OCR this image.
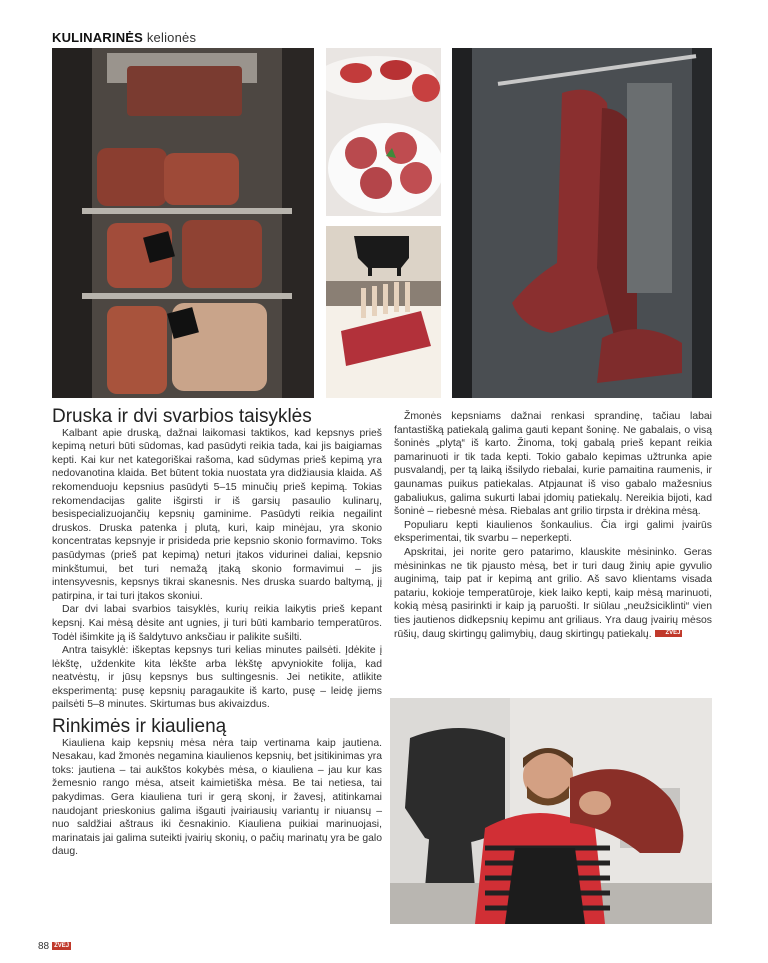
KULINARINĖS kelionės
Druska ir dvi svarbios taisyklės

Kalbant apie druską, dažnai laikomasi taktikos, kad kepsnys prieš kepimą neturi būti sūdomas, kad pasūdyti reikia tada, kai jis baigiamas kepti. Kai kur net kategoriškai rašoma, kad sūdymas prieš kepimą yra nedovanotina klaida. Bet būtent tokia nuostata yra didžiausia klaida. Aš rekomenduoju kepsnius pasūdyti 5–15 minučių prieš kepimą. Tokias rekomendacijas galite išgirsti ir iš garsių pasaulio kulinarų, besispecializuojančių kepsnių gaminime. Pasūdyti reikia negailint druskos. Druska patenka į plutą, kuri, kaip minėjau, yra skonio koncentratas kepsnyje ir prisideda prie kepsnio skonio formavimo. Toks pasūdymas (prieš pat kepimą) neturi įtakos vidurinei daliai, kepsnio minkštumui, bet turi nemažą įtaką skonio formavimui – jis intensyvesnis, kepsnys tikrai skanesnis. Nes druska suardo baltymą, jį patirpina, ir tai turi įtakos skoniui.

Dar dvi labai svarbios taisyklės, kurių reikia laikytis prieš kepant kepsnį. Kai mėsą dėsite ant ugnies, ji turi būti kambario temperatūros. Todėl išimkite ją iš šaldytuvo anksčiau ir palikite sušilti.

Antra taisyklė: iškeptas kepsnys turi kelias minutes pailsėti. Įdėkite į lėkštę, uždenkite kita lėkšte arba lėkštę apvyniokite folija, kad neatvėstų, ir jūsų kepsnys bus sultingesnis. Jei netikite, atlikite eksperimentą: pusę kepsnių paragaukite iš karto, pusę – leidę jiems pailsėti 5–8 minutes. Skirtumas bus akivaizdus.

Rinkimės ir kiaulieną

Kiauliena kaip kepsnių mėsa nėra taip vertinama kaip jautiena. Nesakau, kad žmonės negamina kiaulienos kepsnių, bet įsitikinimas yra toks: jautiena – tai aukštos kokybės mėsa, o kiauliena – jau kur kas žemesnio rango mėsa, atseit kaimietiška mėsa. Be tai netiesa, tai pakydimas. Gera kiauliena turi ir gerą skonį, ir žavesį, atitinkamai naudojant prieskonius galima išgauti įvairiausių variantų ir niuansų – nuo saldžiai aštraus iki česnakinio. Kiauliena puikiai marinuojasi, marinatais jai galima suteikti įvairių skonių, o pačių marinatų yra be galo daug.

Žmonės kepsniams dažnai renkasi sprandinę, tačiau labai fantastišką patiekalą galima gauti kepant šoninę. Ne gabalais, o visą šoninės „plytą“ iš karto. Žinoma, tokį gabalą prieš kepant reikia pamarinuoti ir tik tada kepti. Tokio gabalo kepimas užtrunka apie pusvalandį, per tą laiką išsilydo riebalai, kurie pamaitina raumenis, ir gaunamas puikus patiekalas. Atpjaunat iš viso gabalo mažesnius gabaliukus, galima sukurti labai įdomių patiekalų. Nereikia bijoti, kad šoninė – riebesnė mėsa. Riebalas ant grilio tirpsta ir drėkina mėsą.

Populiaru kepti kiaulienos šonkaulius. Čia irgi galimi įvairūs eksperimentai, tik svarbu – neperkepti.

Apskritai, jei norite gero patarimo, klauskite mėsininko. Geras mėsininkas ne tik pjausto mėsą, bet ir turi daug žinių apie gyvulio auginimą, taip pat ir kepimą ant grilio. Aš savo klientams visada patariu, kokioje temperatūroje, kiek laiko kepti, kaip mėsą marinuoti, kokią mėsą pasirinkti ir kaip ją paruošti. Ir siūlau „neužsiciklinti“ vien ties jautienos didkepsnių kepimu ant griliaus. Yra daug įvairių mėsos rūšių, daug skirtingų galimybių, daug skirtingų patiekalų. ŽVEJ

88 ŽVEJ
